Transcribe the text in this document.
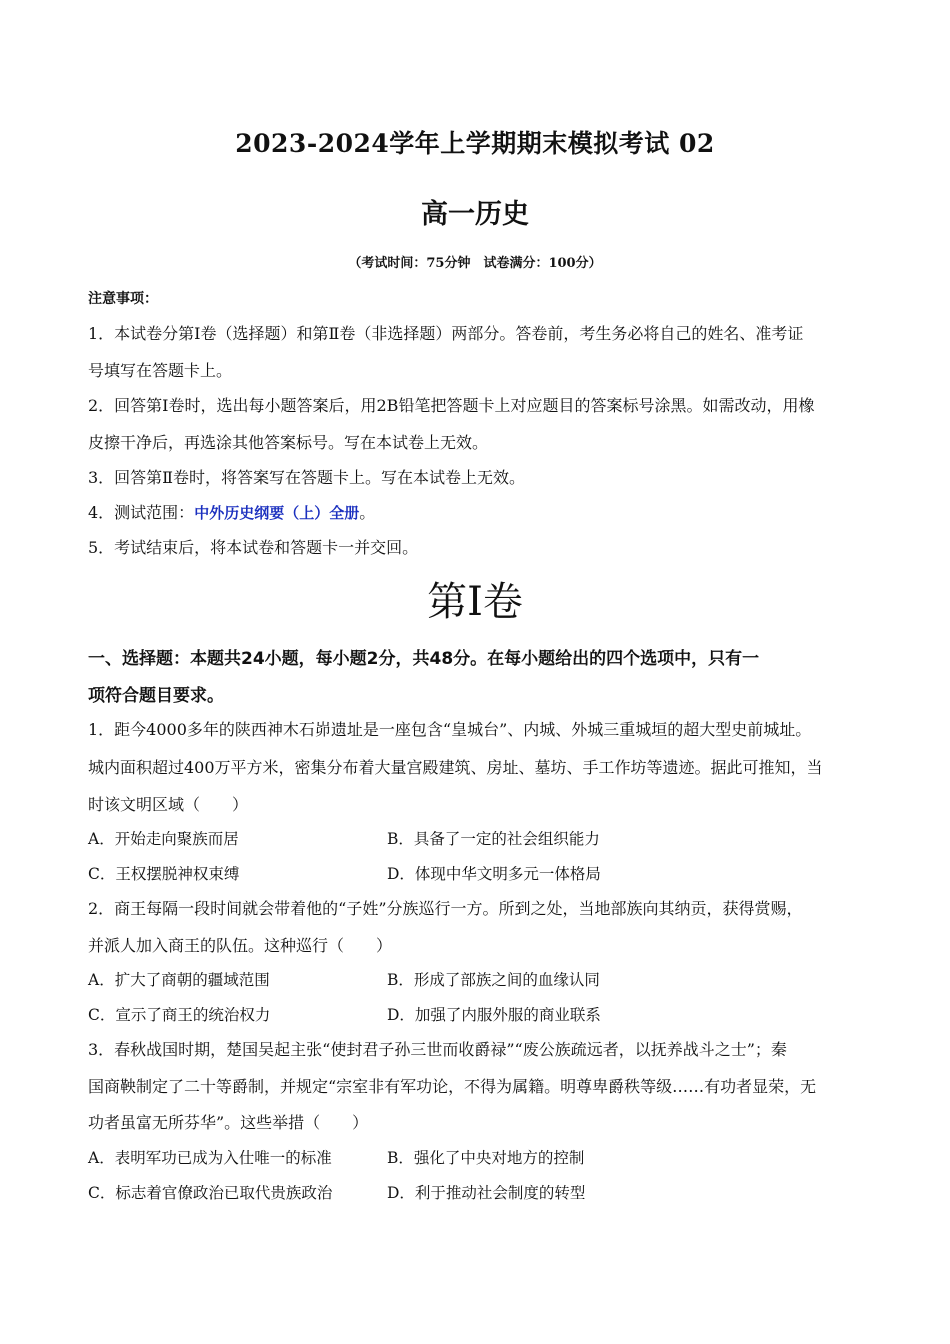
2023-2024学年上学期期末模拟考试 02
高一历史
（考试时间：75分钟　试卷满分：100分）
注意事项：
1．本试卷分第Ⅰ卷（选择题）和第Ⅱ卷（非选择题）两部分。答卷前，考生务必将自己的姓名、准考证
号填写在答题卡上。
2．回答第Ⅰ卷时，选出每小题答案后，用2B铅笔把答题卡上对应题目的答案标号涂黑。如需改动，用橡
皮擦干净后，再选涂其他答案标号。写在本试卷上无效。
3．回答第Ⅱ卷时，将答案写在答题卡上。写在本试卷上无效。
4．测试范围：中外历史纲要（上）全册。
5．考试结束后，将本试卷和答题卡一并交回。
第Ⅰ卷
一、选择题：本题共24小题，每小题2分，共48分。在每小题给出的四个选项中，只有一
项符合题目要求。
1．距今4000多年的陕西神木石峁遗址是一座包含“皇城台”、内城、外城三重城垣的超大型史前城址。
城内面积超过400万平方米，密集分布着大量宫殿建筑、房址、墓坊、手工作坊等遗迹。据此可推知，当
时该文明区域（　　）
A．开始走向聚族而居	B．具备了一定的社会组织能力
C．王权摆脱神权束缚	D．体现中华文明多元一体格局
2．商王每隔一段时间就会带着他的“子姓”分族巡行一方。所到之处，当地部族向其纳贡，获得赏赐，
并派人加入商王的队伍。这种巡行（　　）
A．扩大了商朝的疆域范围	B．形成了部族之间的血缘认同
C．宣示了商王的统治权力	D．加强了内服外服的商业联系
3．春秋战国时期，楚国吴起主张“使封君子孙三世而收爵禄”“废公族疏远者，以抚养战斗之士”；秦
国商鞅制定了二十等爵制，并规定“宗室非有军功论，不得为属籍。明尊卑爵秩等级……有功者显荣，无
功者虽富无所芬华”。这些举措（　　）
A．表明军功已成为入仕唯一的标准	B．强化了中央对地方的控制
C．标志着官僚政治已取代贵族政治	D．利于推动社会制度的转型
